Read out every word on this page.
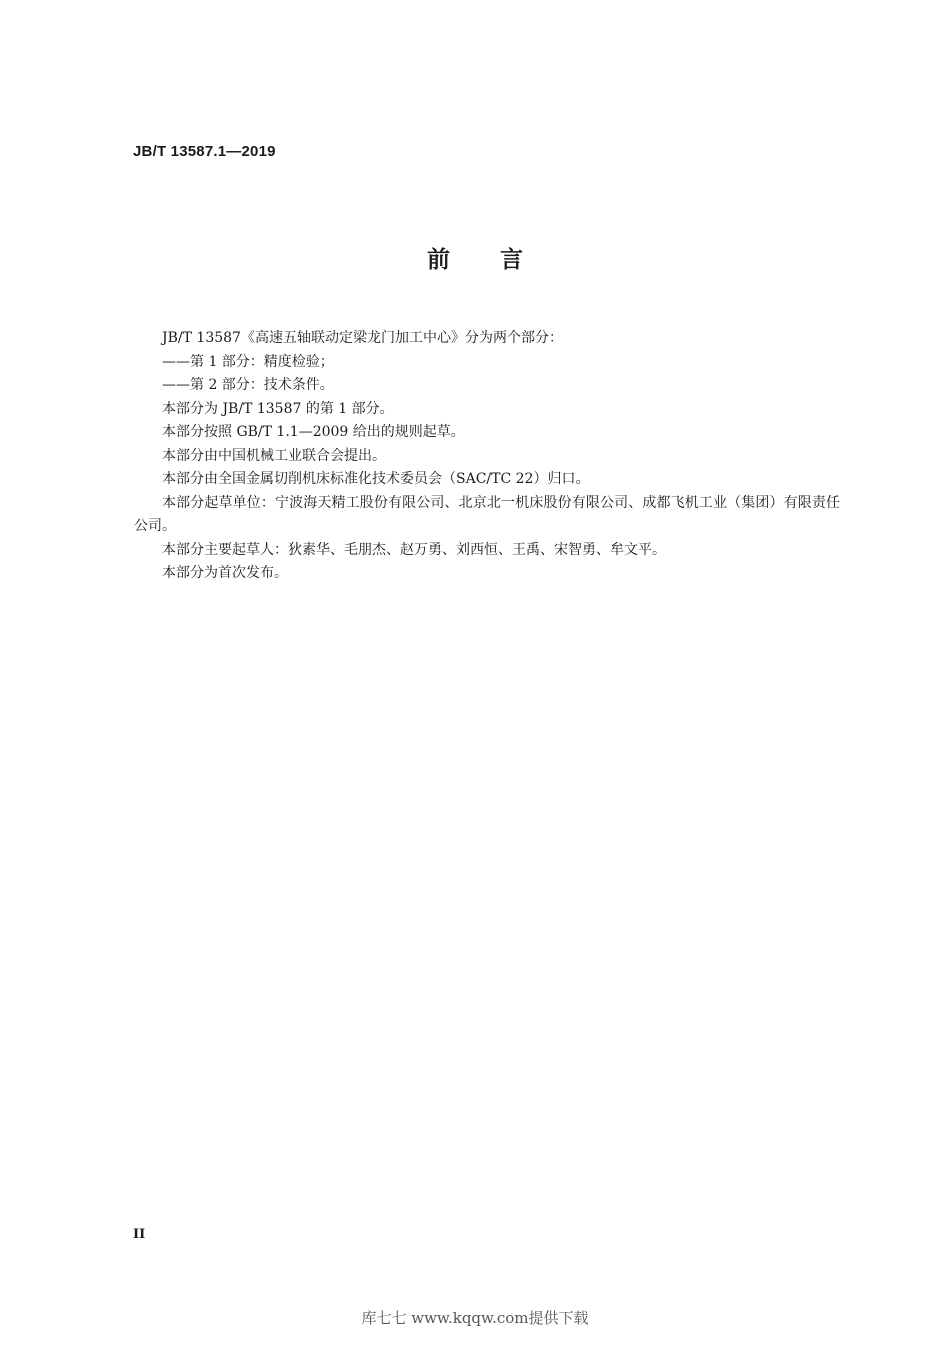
JB/T 13587.1—2019
前言

JB/T 13587《高速五轴联动定梁龙门加工中心》分为两个部分：

——第 1 部分：精度检验；

——第 2 部分：技术条件。

本部分为 JB/T 13587 的第 1 部分。

本部分按照 GB/T 1.1—2009 给出的规则起草。

本部分由中国机械工业联合会提出。

本部分由全国金属切削机床标准化技术委员会（SAC/TC 22）归口。

本部分起草单位：宁波海天精工股份有限公司、北京北一机床股份有限公司、成都飞机工业（集团）有限责任公司。

本部分主要起草人：狄素华、毛朋杰、赵万勇、刘西恒、王禹、宋智勇、牟文平。

本部分为首次发布。

II
库七七 www.kqqw.com提供下载
